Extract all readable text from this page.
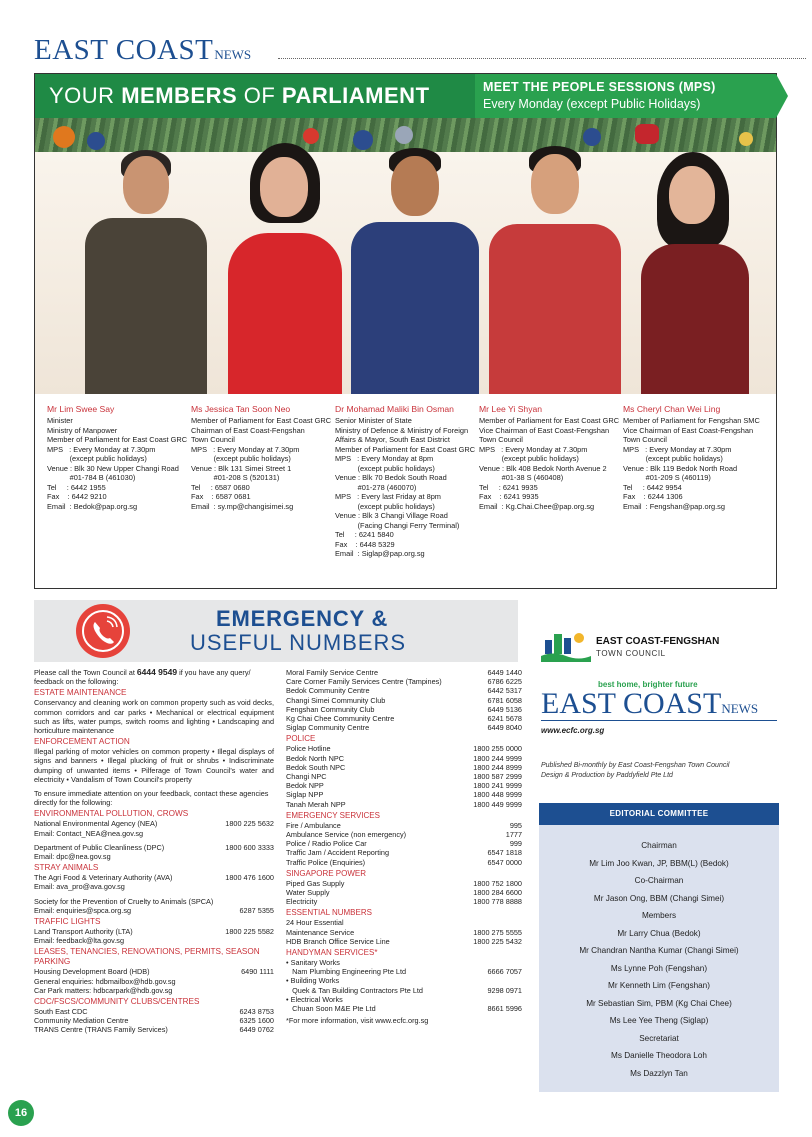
EAST COAST NEWS
YOUR MEMBERS OF PARLIAMENT	MEET THE PEOPLE SESSIONS (MPS)
Every Monday (except Public Holidays)
Mr Lim Swee Say
Minister
Ministry of Manpower
Member of Parliament for East Coast GRC
MPS   : Every Monday at 7.30pm
(except public holidays)
Venue : Blk 30 New Upper Changi Road
#01-784 B (461030)
Tel     : 6442 1955
Fax    : 6442 9210
Email  : Bedok@pap.org.sg
Ms Jessica Tan Soon Neo
Member of Parliament for East Coast GRC
Chairman of East Coast-Fengshan
Town Council
MPS   : Every Monday at 7.30pm
(except public holidays)
Venue : Blk 131 Simei Street 1
#01-208 S (520131)
Tel     : 6587 0680
Fax    : 6587 0681
Email  : sy.mp@changisimei.sg
Dr Mohamad Maliki Bin Osman
Senior Minister of State
Ministry of Defence & Ministry of Foreign
Affairs & Mayor, South East District
Member of Parliament for East Coast GRC
MPS   : Every Monday at 8pm
(except public holidays)
Venue : Blk 70 Bedok South Road
#01-278 (460070)
MPS   : Every last Friday at 8pm
(except public holidays)
Venue : Blk 3 Changi Village Road
(Facing Changi Ferry Terminal)
Tel     : 6241 5840
Fax    : 6448 5329
Email  : Siglap@pap.org.sg
Mr Lee Yi Shyan
Member of Parliament for East Coast GRC
Vice Chairman of East Coast-Fengshan
Town Council
MPS   : Every Monday at 7.30pm
(except public holidays)
Venue : Blk 408 Bedok North Avenue 2
#01-38 S (460408)
Tel     : 6241 9935
Fax    : 6241 9935
Email  : Kg.Chai.Chee@pap.org.sg
Ms Cheryl Chan Wei Ling
Member of Parliament for Fengshan SMC
Vice Chairman of East Coast-Fengshan
Town Council
MPS   : Every Monday at 7.30pm
(except public holidays)
Venue : Blk 119 Bedok North Road
#01-209 S (460119)
Tel     : 6442 9954
Fax    : 6244 1306
Email  : Fengshan@pap.org.sg
EMERGENCY &
USEFUL NUMBERS
Please call the Town Council at 6444 9549 if you have any query/ feedback on the following:
ESTATE MAINTENANCE
Conservancy and cleaning work on common property such as void decks, common corridors and car parks • Mechanical or electrical equipment such as lifts, water pumps, switch rooms and lighting • Landscaping and horticulture maintenance
ENFORCEMENT ACTION
Illegal parking of motor vehicles on common property • Illegal displays of signs and banners • Illegal plucking of fruit or shrubs • Indiscriminate dumping of unwanted items • Pilferage of Town Council's water and electricity • Vandalism of Town Council's property
To ensure immediate attention on your feedback, contact these agencies directly for the following:
ENVIRONMENTAL POLLUTION, CROWS
National Environmental Agency (NEA)	1800 225 5632
Email: Contact_NEA@nea.gov.sg
Department of Public Cleanliness (DPC)	1800 600 3333
Email: dpc@nea.gov.sg
STRAY ANIMALS
The Agri Food & Veterinary Authority (AVA)	1800 476 1600
Email: ava_pro@ava.gov.sg
Society for the Prevention of Cruelty to Animals (SPCA)
Email: enquiries@spca.org.sg	6287 5355
TRAFFIC LIGHTS
Land Transport Authority (LTA)	1800 225 5582
Email: feedback@lta.gov.sg
LEASES, TENANCIES, RENOVATIONS, PERMITS, SEASON PARKING
Housing Development Board (HDB)	6490 1111
General enquiries: hdbmailbox@hdb.gov.sg
Car Park matters: hdbcarpark@hdb.gov.sg
CDC/FSCS/COMMUNITY CLUBS/CENTRES
South East CDC	6243 8753
Community Mediation Centre	6325 1600
TRANS Centre (TRANS Family Services)	6449 0762
Moral Family Service Centre	6449 1440
Care Corner Family Services Centre (Tampines)	6786 6225
Bedok Community Centre	6442 5317
Changi Simei Community Club	6781 6058
Fengshan Community Club	6449 5136
Kg Chai Chee Community Centre	6241 5678
Siglap Community Centre	6449 8040
POLICE
Police Hotline	1800 255 0000
Bedok North NPC	1800 244 9999
Bedok South NPC	1800 244 8999
Changi NPC	1800 587 2999
Bedok NPP	1800 241 9999
Siglap NPP	1800 448 9999
Tanah Merah NPP	1800 449 9999
EMERGENCY SERVICES
Fire / Ambulance	995
Ambulance Service (non emergency)	1777
Police / Radio Police Car	999
Traffic Jam / Accident Reporting	6547 1818
Traffic Police (Enquiries)	6547 0000
SINGAPORE POWER
Piped Gas Supply	1800 752 1800
Water Supply	1800 284 6600
Electricity	1800 778 8888
ESSENTIAL NUMBERS
24 Hour Essential
Maintenance Service	1800 275 5555
HDB Branch Office Service Line	1800 225 5432
HANDYMAN SERVICES*
• Sanitary Works
Nam Plumbing Engineering Pte Ltd	6666 7057
• Building Works
Quek & Tan Building Contractors Pte Ltd	9298 0971
• Electrical Works
Chuan Soon M&E Pte Ltd	8661 5996
*For more information, visit www.ecfc.org.sg
EAST COAST-FENGSHAN
TOWN COUNCIL
best home, brighter future
EAST COAST NEWS
www.ecfc.org.sg
Published Bi-monthly by East Coast-Fengshan Town Council
Design & Production by Paddyfield Pte Ltd
EDITORIAL COMMITTEE
Chairman
Mr Lim Joo Kwan, JP, BBM(L) (Bedok)
Co-Chairman
Mr Jason Ong, BBM (Changi Simei)
Members
Mr Larry Chua (Bedok)
Mr Chandran Nantha Kumar (Changi Simei)
Ms Lynne Poh (Fengshan)
Mr Kenneth Lim (Fengshan)
Mr Sebastian Sim, PBM (Kg Chai Chee)
Ms Lee Yee Theng (Siglap)
Secretariat
Ms Danielle Theodora Loh
Ms Dazzlyn Tan
16
